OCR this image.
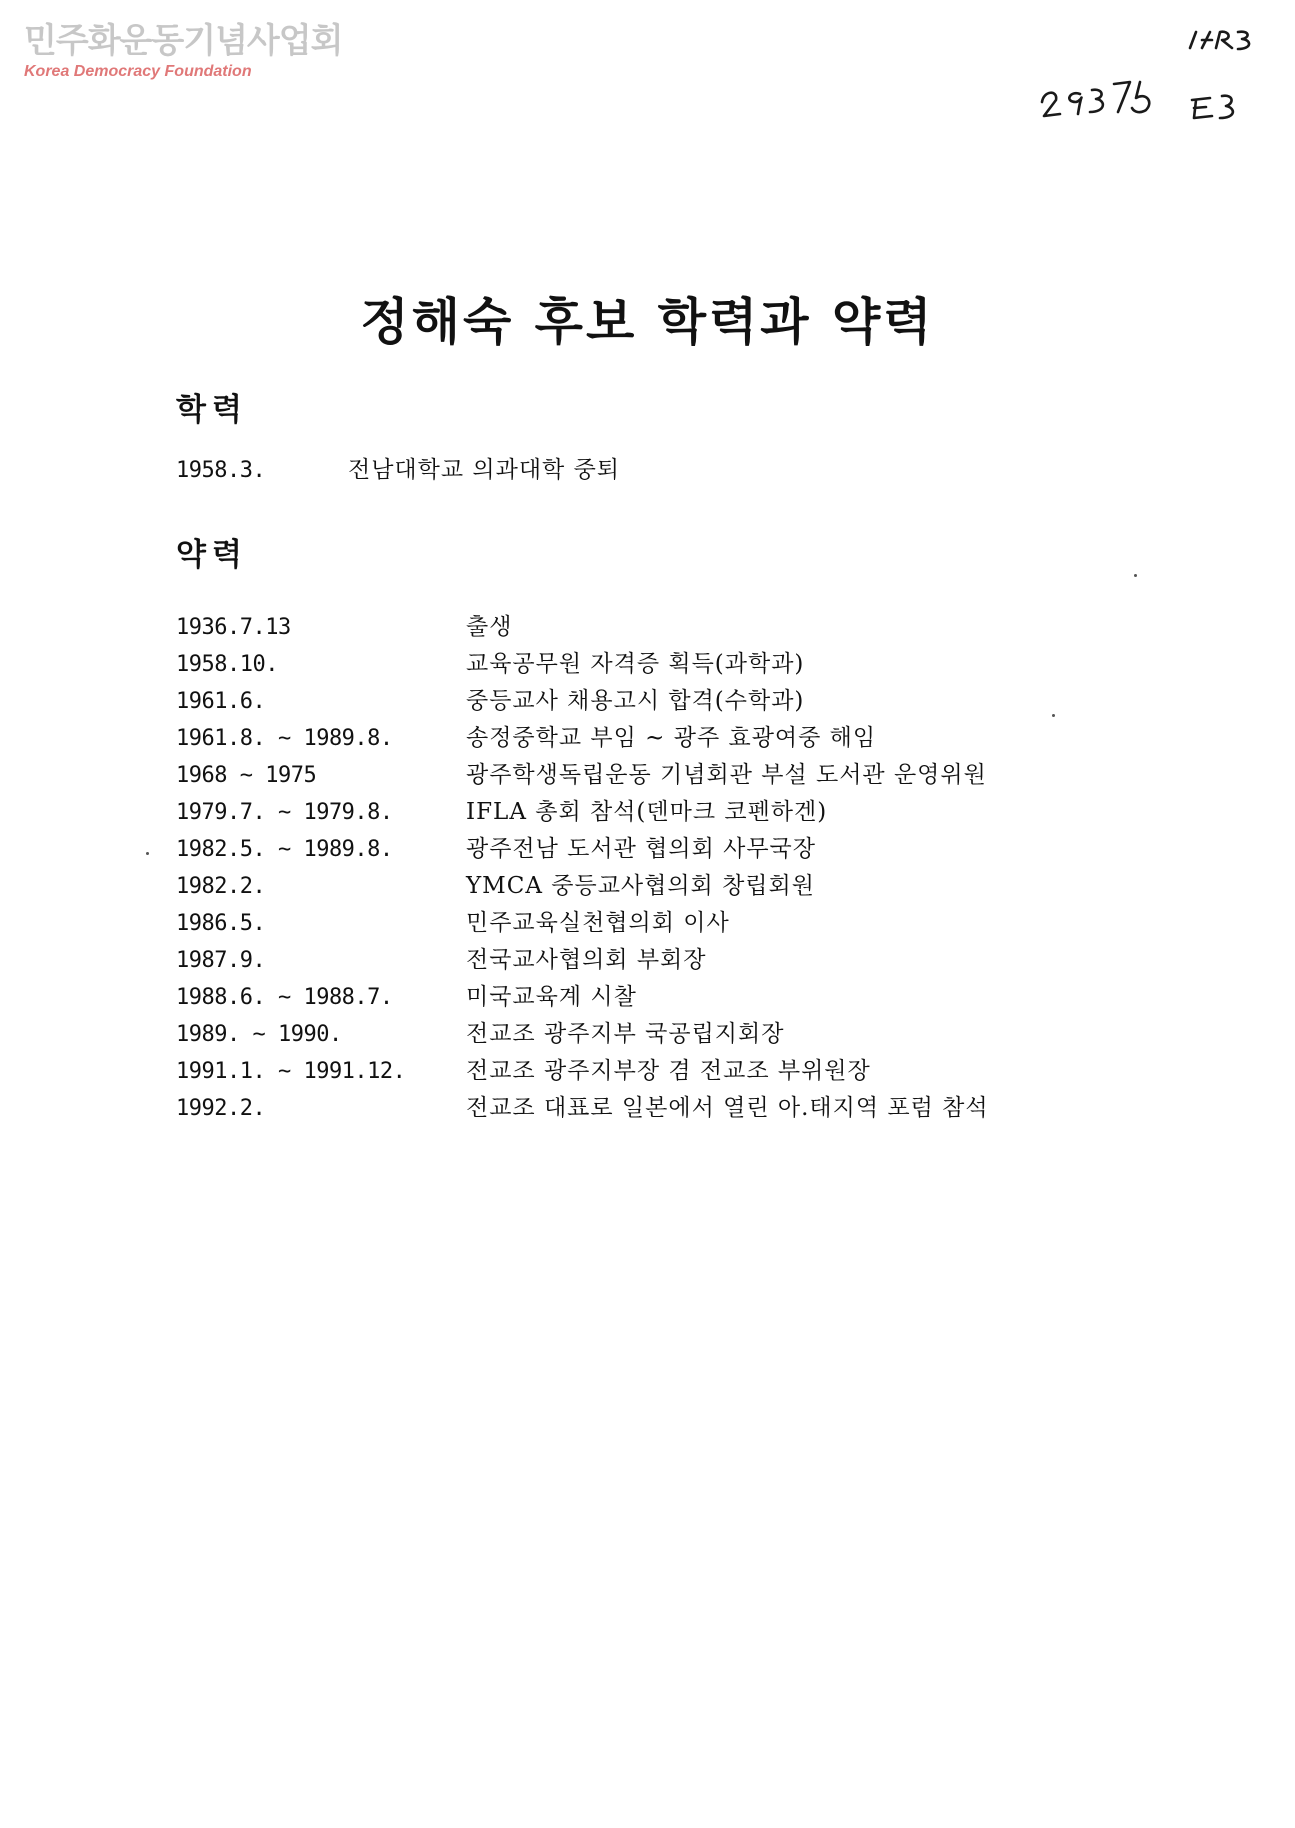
민주화운동기념사업회
Korea Democracy Foundation
정해숙 후보 학력과 약력
학력
1958.3.	전남대학교 의과대학 중퇴
약력
1936.7.13	출생
1958.10.	교육공무원 자격증 획득(과학과)
1961.6.	중등교사 채용고시 합격(수학과)
1961.8. ~ 1989.8.	송정중학교 부임 ~ 광주 효광여중 해임
1968 ~ 1975	광주학생독립운동 기념회관 부설 도서관 운영위원
1979.7. ~ 1979.8.	IFLA 총회 참석(덴마크 코펜하겐)
1982.5. ~ 1989.8.	광주전남 도서관 협의회 사무국장
1982.2.	YMCA 중등교사협의회 창립회원
1986.5.	민주교육실천협의회 이사
1987.9.	전국교사협의회 부회장
1988.6. ~ 1988.7.	미국교육계 시찰
1989. ~ 1990.	전교조 광주지부 국공립지회장
1991.1. ~ 1991.12.	전교조 광주지부장 겸 전교조 부위원장
1992.2.	전교조 대표로 일본에서 열린 아.태지역 포럼 참석
